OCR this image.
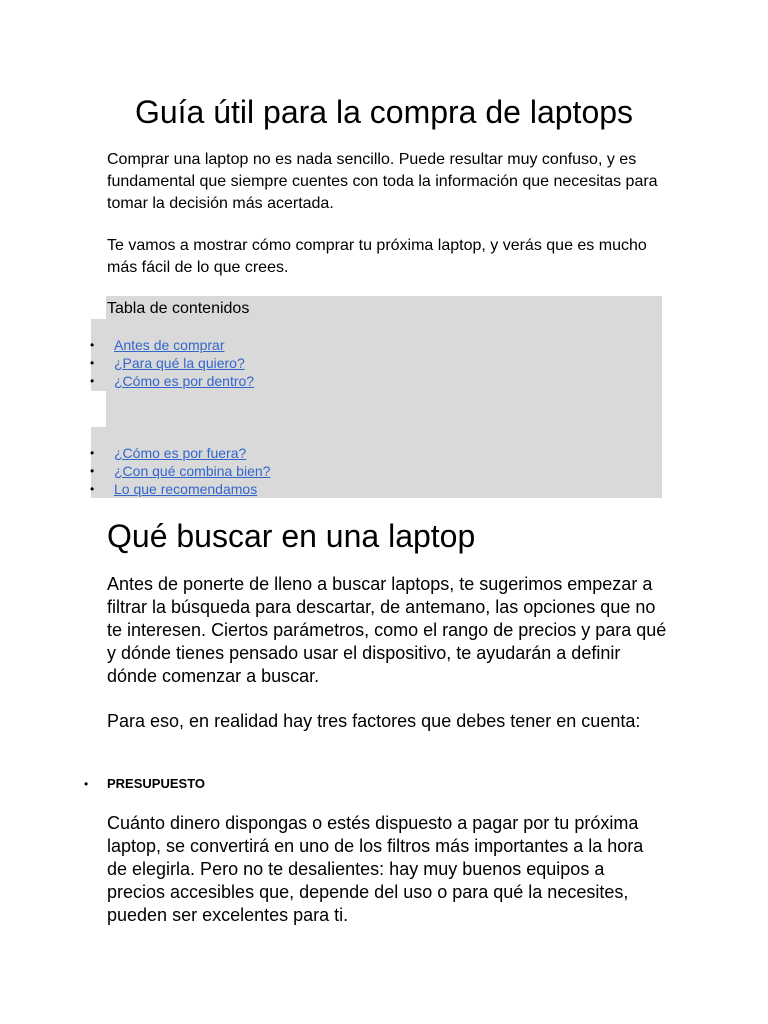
Guía útil para la compra de laptops

Comprar una laptop no es nada sencillo. Puede resultar muy confuso, y es fundamental que siempre cuentes con toda la información que necesitas para tomar la decisión más acertada.

Te vamos a mostrar cómo comprar tu próxima laptop, y verás que es mucho más fácil de lo que crees.

Tabla de contenidos
•	Antes de comprar
•	¿Para qué la quiero?
•	¿Cómo es por dentro?
•	¿Cómo es por fuera?
•	¿Con qué combina bien?
•	Lo que recomendamos
Qué buscar en una laptop

Antes de ponerte de lleno a buscar laptops, te sugerimos empezar a filtrar la búsqueda para descartar, de antemano, las opciones que no te interesen. Ciertos parámetros, como el rango de precios y para qué y dónde tienes pensado usar el dispositivo, te ayudarán a definir dónde comenzar a buscar.

Para eso, en realidad hay tres factores que debes tener en cuenta:

• PRESUPUESTO

Cuánto dinero dispongas o estés dispuesto a pagar por tu próxima laptop, se convertirá en uno de los filtros más importantes a la hora de elegirla. Pero no te desalientes: hay muy buenos equipos a precios accesibles que, depende del uso o para qué la necesites, pueden ser excelentes para ti.
